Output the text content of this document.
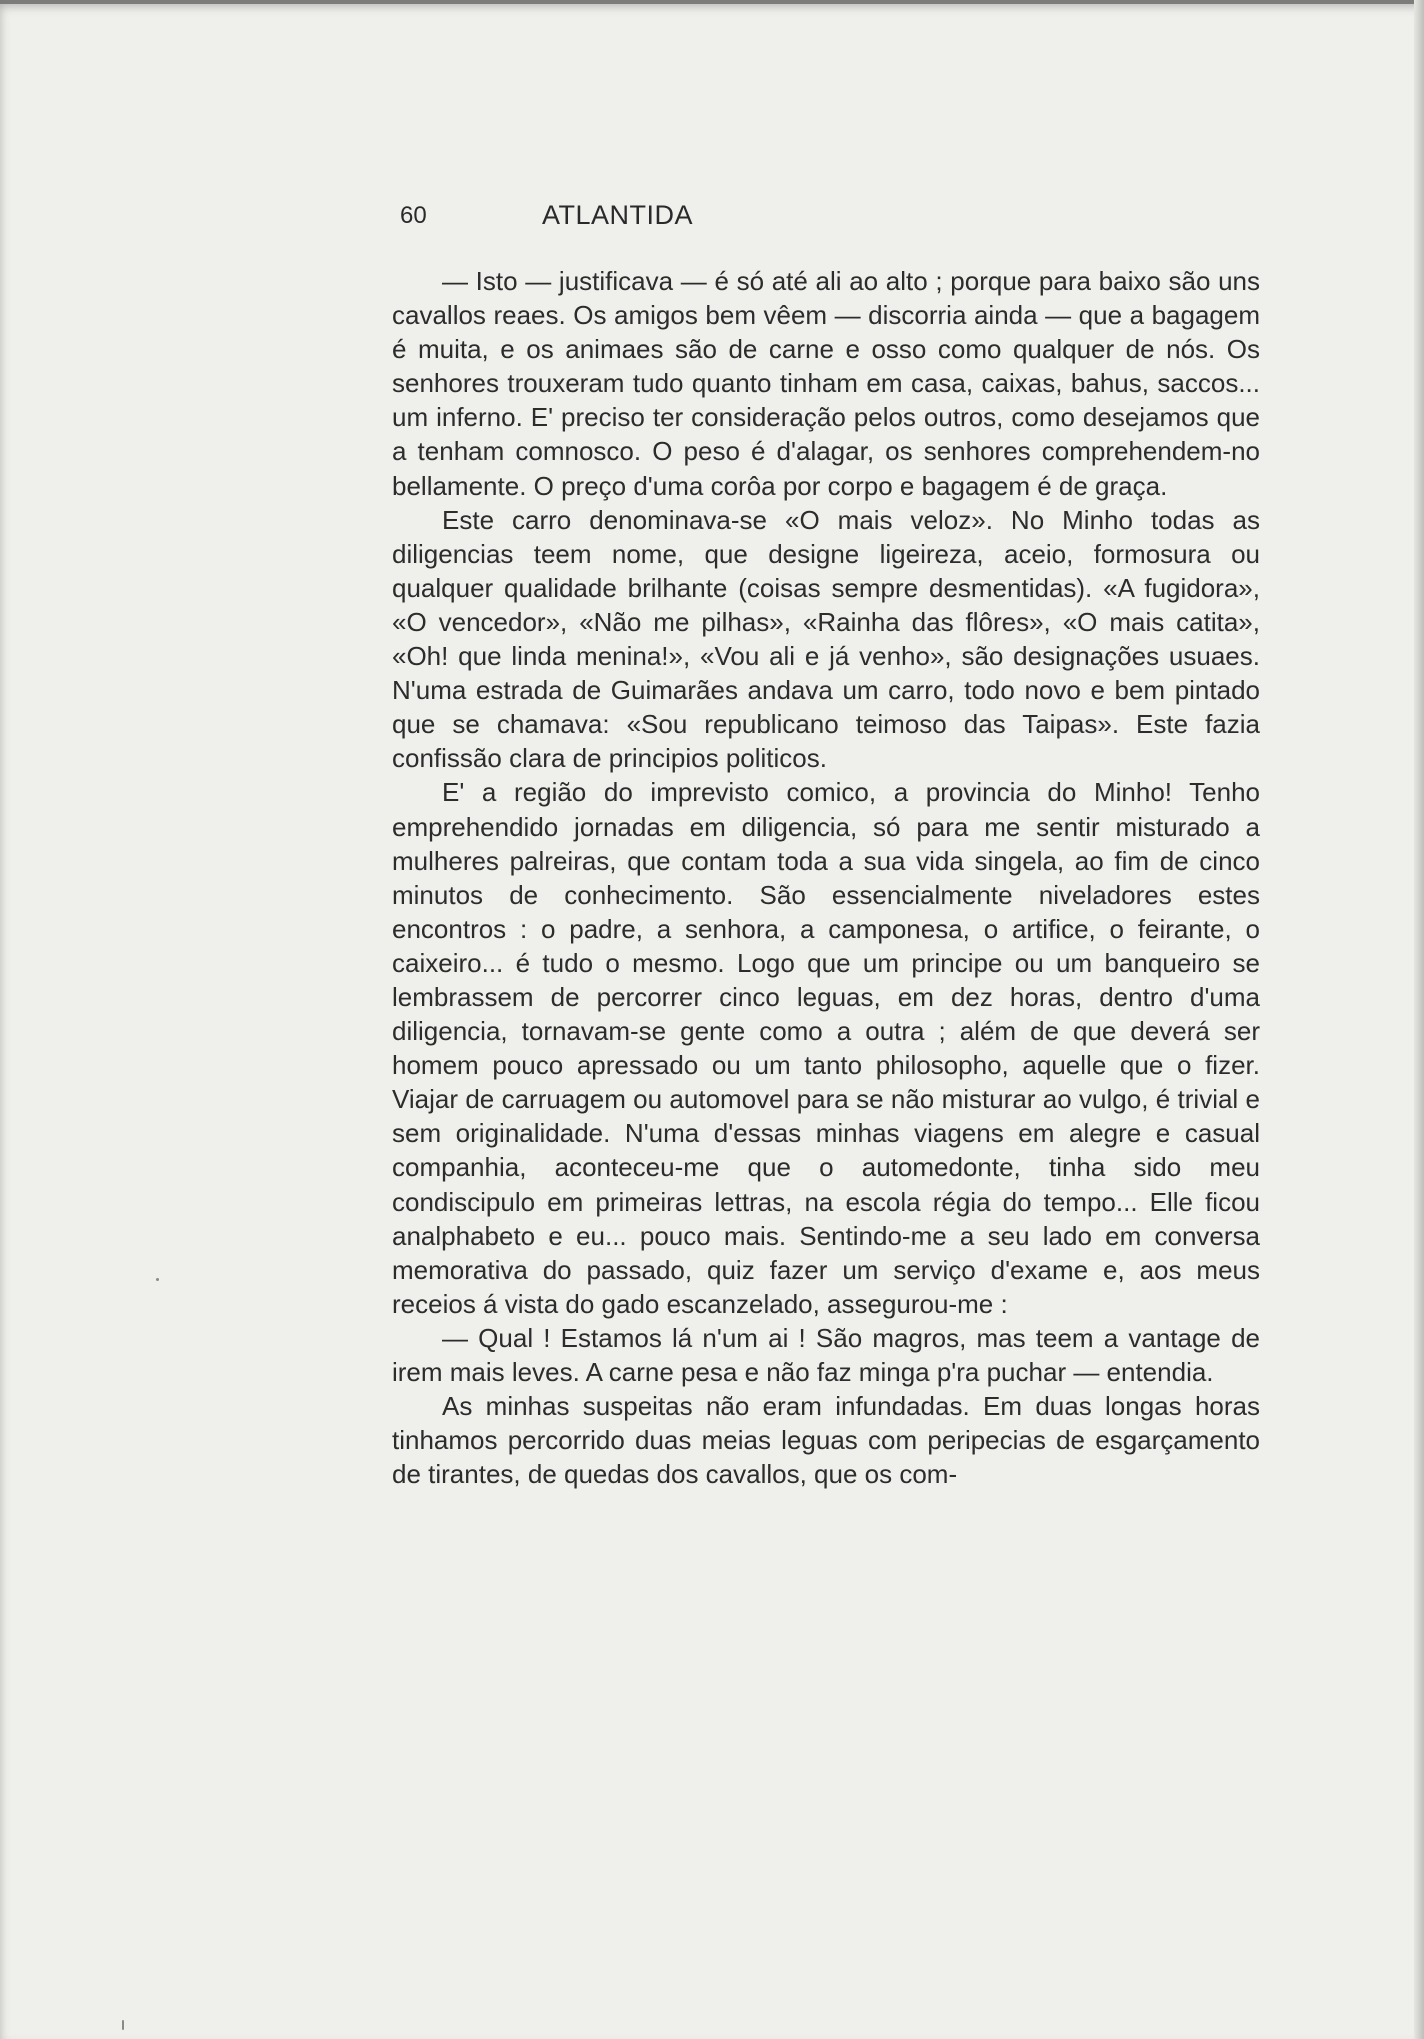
60	ATLANTIDA

— Isto — justificava — é só até ali ao alto ; porque para baixo são uns cavallos reaes. Os amigos bem vêem — discorria ainda — que a bagagem é muita, e os animaes são de carne e osso como qualquer de nós. Os senhores trouxeram tudo quanto tinham em casa, caixas, bahus, saccos... um inferno. E' preciso ter consideração pelos outros, como desejamos que a tenham comnosco. O peso é d'alagar, os senhores comprehendem-no bellamente. O preço d'uma corôa por corpo e bagagem é de graça.

Este carro denominava-se «O mais veloz». No Minho todas as diligencias teem nome, que designe ligeireza, aceio, formosura ou qualquer qualidade brilhante (coisas sempre desmentidas). «A fugidora», «O vencedor», «Não me pilhas», «Rainha das flôres», «O mais catita», «Oh! que linda menina!», «Vou ali e já venho», são designações usuaes. N'uma estrada de Guimarães andava um carro, todo novo e bem pintado que se chamava: «Sou republicano teimoso das Taipas». Este fazia confissão clara de principios politicos.

E' a região do imprevisto comico, a provincia do Minho! Tenho emprehendido jornadas em diligencia, só para me sentir misturado a mulheres palreiras, que contam toda a sua vida singela, ao fim de cinco minutos de conhecimento. São essencialmente niveladores estes encontros : o padre, a senhora, a camponesa, o artifice, o feirante, o caixeiro... é tudo o mesmo. Logo que um principe ou um banqueiro se lembrassem de percorrer cinco leguas, em dez horas, dentro d'uma diligencia, tornavam-se gente como a outra ; além de que deverá ser homem pouco apressado ou um tanto philosopho, aquelle que o fizer. Viajar de carruagem ou automovel para se não misturar ao vulgo, é trivial e sem originalidade. N'uma d'essas minhas viagens em alegre e casual companhia, aconteceu-me que o automedonte, tinha sido meu condiscipulo em primeiras lettras, na escola régia do tempo... Elle ficou analphabeto e eu... pouco mais. Sentindo-me a seu lado em conversa memorativa do passado, quiz fazer um serviço d'exame e, aos meus receios á vista do gado escanzelado, assegurou-me :

— Qual ! Estamos lá n'um ai ! São magros, mas teem a vantage de irem mais leves. A carne pesa e não faz minga p'ra puchar — entendia.

As minhas suspeitas não eram infundadas. Em duas longas horas tinhamos percorrido duas meias leguas com peripecias de esgarçamento de tirantes, de quedas dos cavallos, que os com-
